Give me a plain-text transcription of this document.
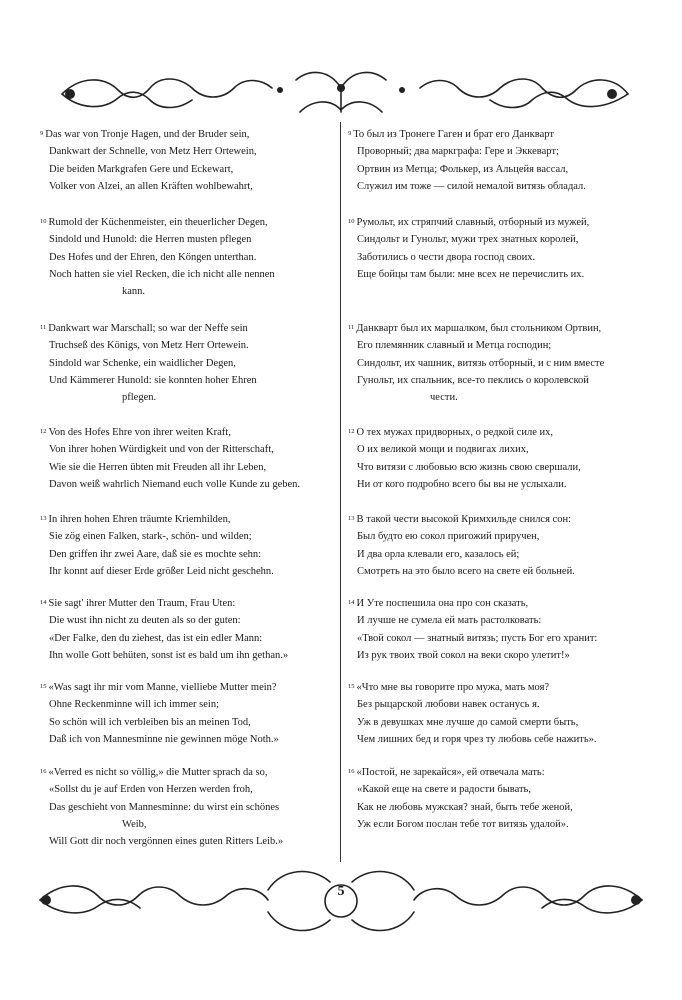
$^9$ Das war von Tronje Hagen, und der Bruder sein,
Dankwart der Schnelle, von Metz Herr Ortewein,
Die beiden Markgrafen Gere und Eckewart,
Volker von Alzei, an allen Kräften wohlbewahrt,
$^{10}$ Rumold der Küchenmeister, ein theuerlicher Degen,
Sindold und Hunold: die Herren musten pflegen
Des Hofes und der Ehren, den Köngen unterthan.
Noch hatten sie viel Recken, die ich nicht alle nennen
kann.
$^{11}$ Dankwart war Marschall; so war der Neffe sein
Truchseß des Königs, von Metz Herr Ortewein.
Sindold war Schenke, ein waidlicher Degen,
Und Kämmerer Hunold: sie konnten hoher Ehren
pflegen.
$^{12}$ Von des Hofes Ehre von ihrer weiten Kraft,
Von ihrer hohen Würdigkeit und von der Ritterschaft,
Wie sie die Herren übten mit Freuden all ihr Leben,
Davon weiß wahrlich Niemand euch volle Kunde zu geben.
$^{13}$ In ihren hohen Ehren träumte Kriemhilden,
Sie zög einen Falken, stark-, schön- und wilden;
Den griffen ihr zwei Aare, daß sie es mochte sehn:
Ihr konnt auf dieser Erde größer Leid nicht geschehn.
$^{14}$ Sie sagt' ihrer Mutter den Traum, Frau Uten:
Die wust ihn nicht zu deuten als so der guten:
«Der Falke, den du ziehest, das ist ein edler Mann:
Ihn wolle Gott behüten, sonst ist es bald um ihn gethan.»
$^{15}$ «Was sagt ihr mir vom Manne, vielliebe Mutter mein?
Ohne Reckenminne will ich immer sein;
So schön will ich verbleiben bis an meinen Tod,
Daß ich von Mannesminne nie gewinnen möge Noth.»
$^{16}$ «Verred es nicht so völlig,» die Mutter sprach da so,
«Sollst du je auf Erden von Herzen werden froh,
Das geschieht von Mannesminne: du wirst ein schönes
Weib,
Will Gott dir noch vergönnen eines guten Ritters Leib.»
$^9$ То был из Тронеге Гаген и брат его Данкварт
Проворный; два маркграфа: Гере и Эккеварт;
Ортвин из Метца; Фолькер, из Альцейя вассал,
Служил им тоже — силой немалой витязь обладал.
$^{10}$ Румольт, их стряпчий славный, отборный из мужей,
Синдольт и Гунольт, мужи трех знатных королей,
Заботились о чести двора господ своих.
Еще бойцы там были: мне всех не перечислить их.
$^{11}$ Данкварт был их маршалком, был стольником Ортвин,
Его племянник славный и Метца господин;
Синдольт, их чашник, витязь отборный, и с ним вместе
Гунольт, их спальник, все-то пеклись о королевской
чести.
$^{12}$ О тех мужах придворных, о редкой силе их,
О их великой мощи и подвигах лихих,
Что витязи с любовью всю жизнь свою свершали,
Ни от кого подробно всего бы вы не услыхали.
$^{13}$ В такой чести высокой Кримхильде снился сон:
Был будто ею сокол пригожий приручен,
И два орла клевали его, казалось ей;
Смотреть на это было всего на свете ей больней.
$^{14}$ И Уте поспешила она про сон сказать,
И лучше не сумела ей мать растолковать:
«Твой сокол — знатный витязь; пусть Бог его хранит:
Из рук твоих твой сокол на веки скоро улетит!»
$^{15}$ «Что мне вы говорите про мужа, мать моя?
Без рыцарской любови навек останусь я.
Уж в девушках мне лучше до самой смерти быть,
Чем лишних бед и горя чрез ту любовь себе нажить».
$^{16}$ «Постой, не зарекайся», ей отвечала мать:
«Какой еще на свете и радости бывать,
Как не любовь мужская? знай, быть тебе женой,
Уж если Богом послан тебе тот витязь удалой».
5
